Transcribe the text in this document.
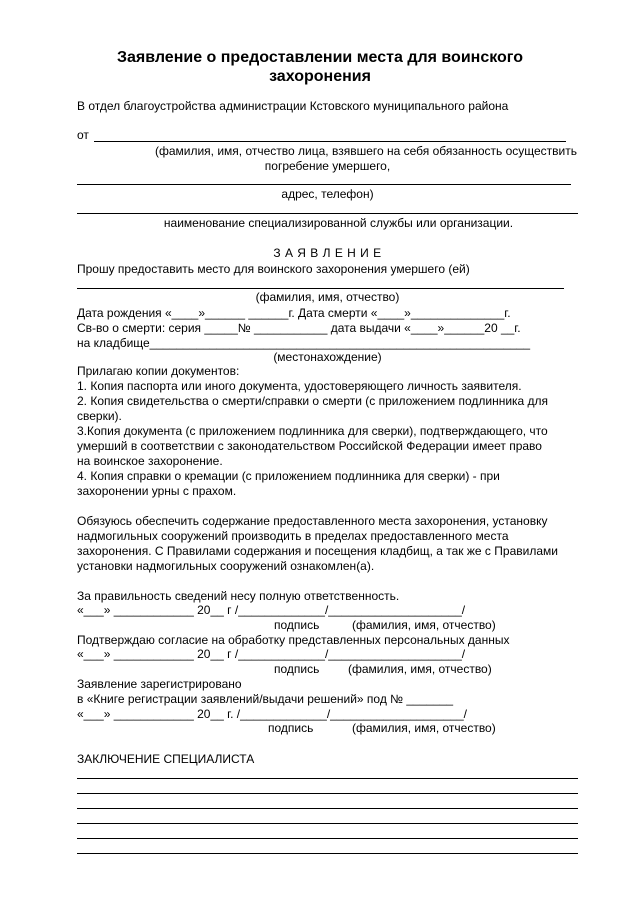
Заявление о предоставлении места для воинского
захоронения
В отдел благоустройства администрации Кстовского муниципального района
от
(фамилия, имя, отчество лица, взявшего на себя обязанность осуществить
погребение умершего,
адрес, телефон)
наименование специализированной службы или организации.
З А Я В Л Е Н И Е
Прошу предоставить место для воинского захоронения умершего (ей)
(фамилия, имя, отчество)
Дата рождения «____»______ ______г. Дата смерти «____»______________г.
Св-во о смерти: серия _____№ ___________ дата выдачи «____»______20 __г.
на кладбище_________________________________________________________
(местонахождение)
Прилагаю копии документов:
1. Копия паспорта или иного документа, удостоверяющего личность заявителя.
2. Копия свидетельства о смерти/справки о смерти (с приложением подлинника для
сверки).
3.Копия документа (с приложением подлинника для сверки), подтверждающего, что
умерший в соответствии с законодательством Российской Федерации имеет право
на воинское захоронение.
4. Копия справки о кремации (с приложением подлинника для сверки) - при
захоронении урны с прахом.
Обязуюсь обеспечить содержание предоставленного места захоронения, установку
надмогильных сооружений производить в пределах предоставленного места
захоронения. С Правилами содержания и посещения кладбищ, а так же с Правилами
установки надмогильных сооружений ознакомлен(а).
За правильность сведений несу полную ответственность.
«___» ____________ 20__ г /_____________/____________________/
подпись	(фамилия, имя, отчество)
Подтверждаю согласие на обработку представленных персональных данных
«___» ____________ 20__ г /_____________/____________________/
подпись (фамилия, имя, отчество)
Заявление зарегистрировано
в «Книге регистрации заявлений/выдачи решений» под № _______
«___» ____________ 20__ г. /_____________/____________________/
подпись	(фамилия, имя, отчество)
ЗАКЛЮЧЕНИЕ СПЕЦИАЛИСТА
